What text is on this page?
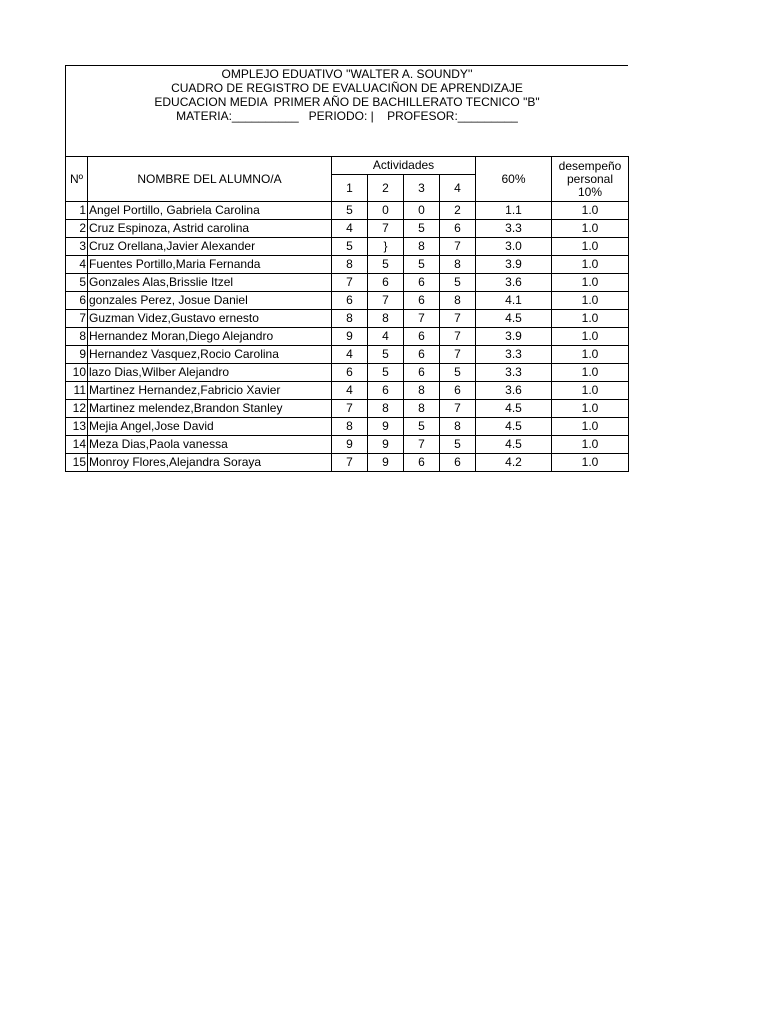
OMPLEJO EDUATIVO ''WALTER A. SOUNDY''
CUADRO DE REGISTRO DE EVALUACIÑON DE APRENDIZAJE
EDUCACION MEDIA  PRIMER AÑO DE BACHILLERATO TECNICO "B"
MATERIA:__________   PERIODO: |    PROFESOR:_________
Nº	NOMBRE DEL ALUMNO/A	Actividades				60%	desempeño personal 10%
		1	2	3	4		
1	Angel Portillo, Gabriela Carolina	5	0	0	2	1.1	1.0
2	Cruz Espinoza, Astrid carolina	4	7	5	6	3.3	1.0
3	Cruz Orellana,Javier Alexander	5	}	8	7	3.0	1.0
4	Fuentes Portillo,Maria Fernanda	8	5	5	8	3.9	1.0
5	Gonzales Alas,Brisslie Itzel	7	6	6	5	3.6	1.0
6	gonzales Perez, Josue Daniel	6	7	6	8	4.1	1.0
7	Guzman Videz,Gustavo ernesto	8	8	7	7	4.5	1.0
8	Hernandez Moran,Diego Alejandro	9	4	6	7	3.9	1.0
9	Hernandez Vasquez,Rocio Carolina	4	5	6	7	3.3	1.0
10	lazo Dias,Wilber Alejandro	6	5	6	5	3.3	1.0
11	Martinez Hernandez,Fabricio Xavier	4	6	8	6	3.6	1.0
12	Martinez melendez,Brandon Stanley	7	8	8	7	4.5	1.0
13	Mejia Angel,Jose David	8	9	5	8	4.5	1.0
14	Meza Dias,Paola vanessa	9	9	7	5	4.5	1.0
15	Monroy Flores,Alejandra Soraya	7	9	6	6	4.2	1.0
